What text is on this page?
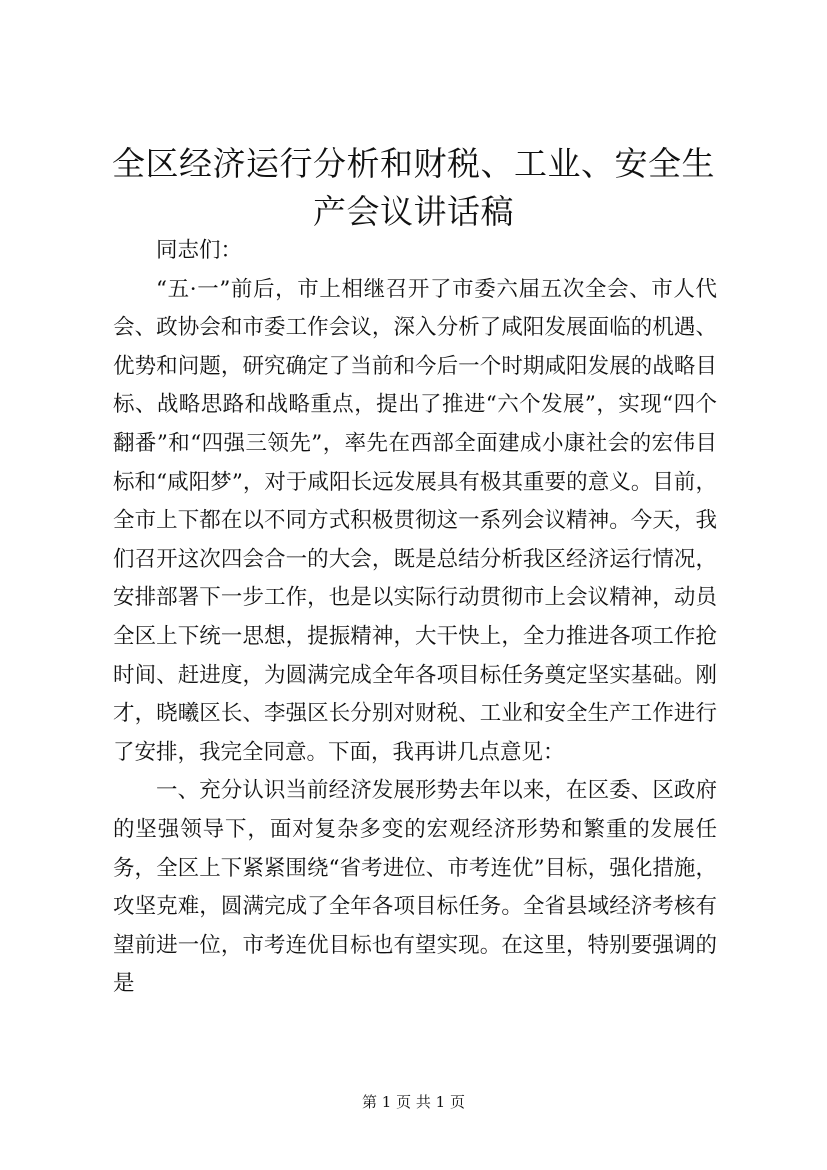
全区经济运行分析和财税、工业、安全生产会议讲话稿

同志们：

“五·一”前后，市上相继召开了市委六届五次全会、市人代会、政协会和市委工作会议，深入分析了咸阳发展面临的机遇、优势和问题，研究确定了当前和今后一个时期咸阳发展的战略目标、战略思路和战略重点，提出了推进“六个发展”，实现“四个翻番”和“四强三领先”，率先在西部全面建成小康社会的宏伟目标和“咸阳梦”，对于咸阳长远发展具有极其重要的意义。目前，全市上下都在以不同方式积极贯彻这一系列会议精神。今天，我们召开这次四会合一的大会，既是总结分析我区经济运行情况，安排部署下一步工作，也是以实际行动贯彻市上会议精神，动员全区上下统一思想，提振精神，大干快上，全力推进各项工作抢时间、赶进度，为圆满完成全年各项目标任务奠定坚实基础。刚才，晓曦区长、李强区长分别对财税、工业和安全生产工作进行了安排，我完全同意。下面，我再讲几点意见：

一、充分认识当前经济发展形势去年以来，在区委、区政府的坚强领导下，面对复杂多变的宏观经济形势和繁重的发展任务，全区上下紧紧围绕“省考进位、市考连优”目标，强化措施，攻坚克难，圆满完成了全年各项目标任务。全省县域经济考核有望前进一位，市考连优目标也有望实现。在这里，特别要强调的是

第 1 页 共 1 页
